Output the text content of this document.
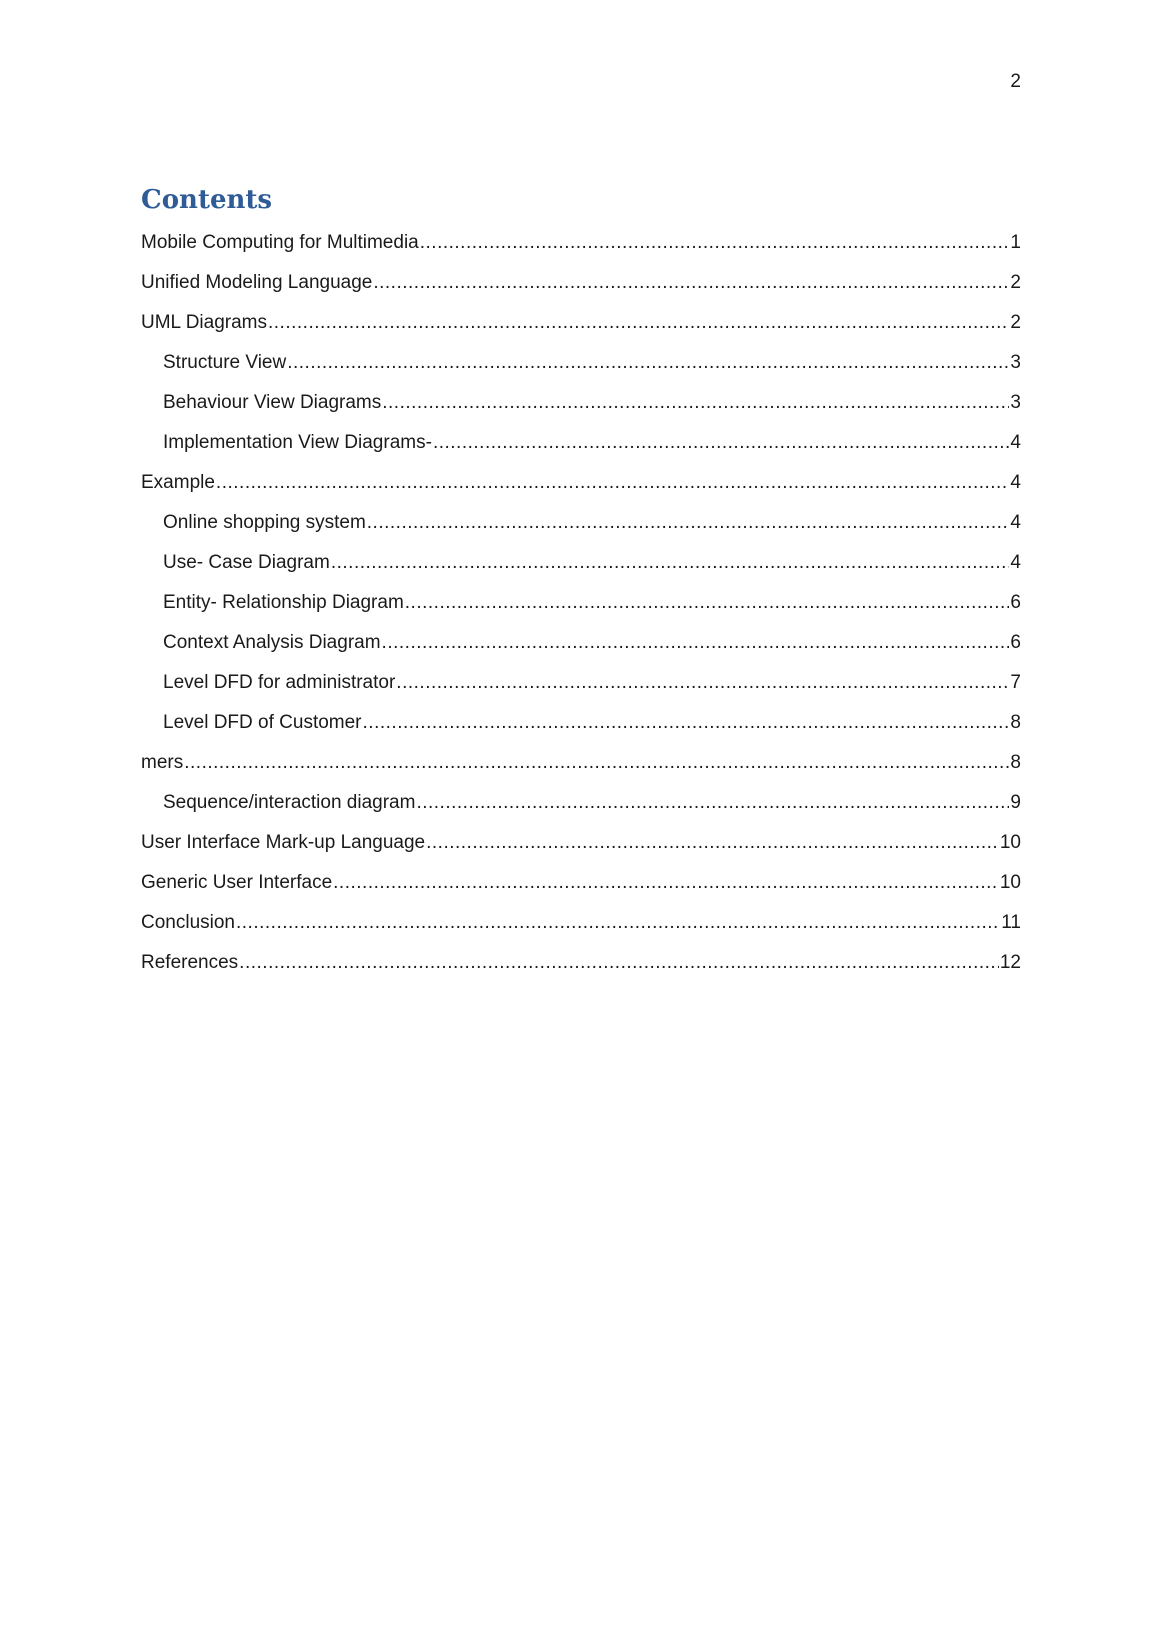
2
Contents
Mobile Computing for Multimedia .....	1
Unified Modeling Language .....	2
UML Diagrams .....	2
Structure View .....	3
Behaviour View Diagrams .....	3
Implementation View Diagrams- .....	4
Example .....	4
Online shopping system .....	4
Use- Case Diagram .....	4
Entity- Relationship Diagram .....	6
Context Analysis Diagram .....	6
Level DFD for administrator .....	7
Level DFD of Customer .....	8
mers .....	8
Sequence/interaction diagram .....	9
User Interface Mark-up Language .....	10
Generic User Interface .....	10
Conclusion .....	11
References .....	12
